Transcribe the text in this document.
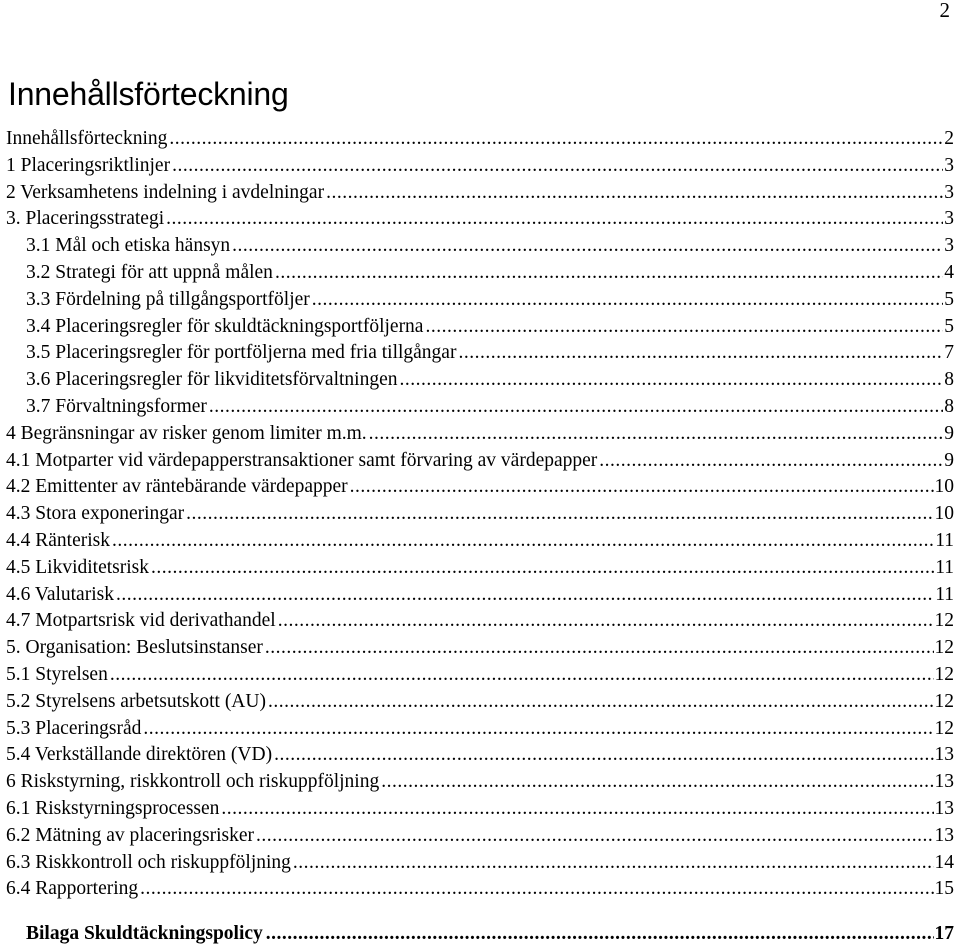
2
Innehållsförteckning
Innehållsförteckning .....	2
1 Placeringsriktlinjer .....	3
2 Verksamhetens indelning i avdelningar .....	3
3. Placeringsstrategi .....	3
3.1 Mål och etiska hänsyn .....	3
3.2 Strategi för att uppnå målen .....	4
3.3 Fördelning på tillgångsportföljer .....	5
3.4 Placeringsregler för skuldtäckningsportföljerna .....	5
3.5 Placeringsregler för portföljerna med fria tillgångar .....	7
3.6 Placeringsregler för likviditetsförvaltningen .....	8
3.7 Förvaltningsformer .....	8
4 Begränsningar av risker genom limiter m.m. .....	9
4.1 Motparter vid värdepapperstransaktioner samt förvaring av värdepapper .....	9
4.2 Emittenter av räntebärande värdepapper .....	10
4.3 Stora exponeringar .....	10
4.4 Ränterisk .....	11
4.5 Likviditetsrisk .....	11
4.6 Valutarisk .....	11
4.7 Motpartsrisk vid derivathandel .....	12
5. Organisation: Beslutsinstanser .....	12
5.1 Styrelsen .....	12
5.2 Styrelsens arbetsutskott (AU) .....	12
5.3 Placeringsråd .....	12
5.4 Verkställande direktören (VD) .....	13
6 Riskstyrning, riskkontroll och riskuppföljning .....	13
6.1 Riskstyrningsprocessen .....	13
6.2 Mätning av placeringsrisker .....	13
6.3 Riskkontroll och riskuppföljning .....	14
6.4 Rapportering .....	15
Bilaga Skuldtäckningspolicy .....	17
